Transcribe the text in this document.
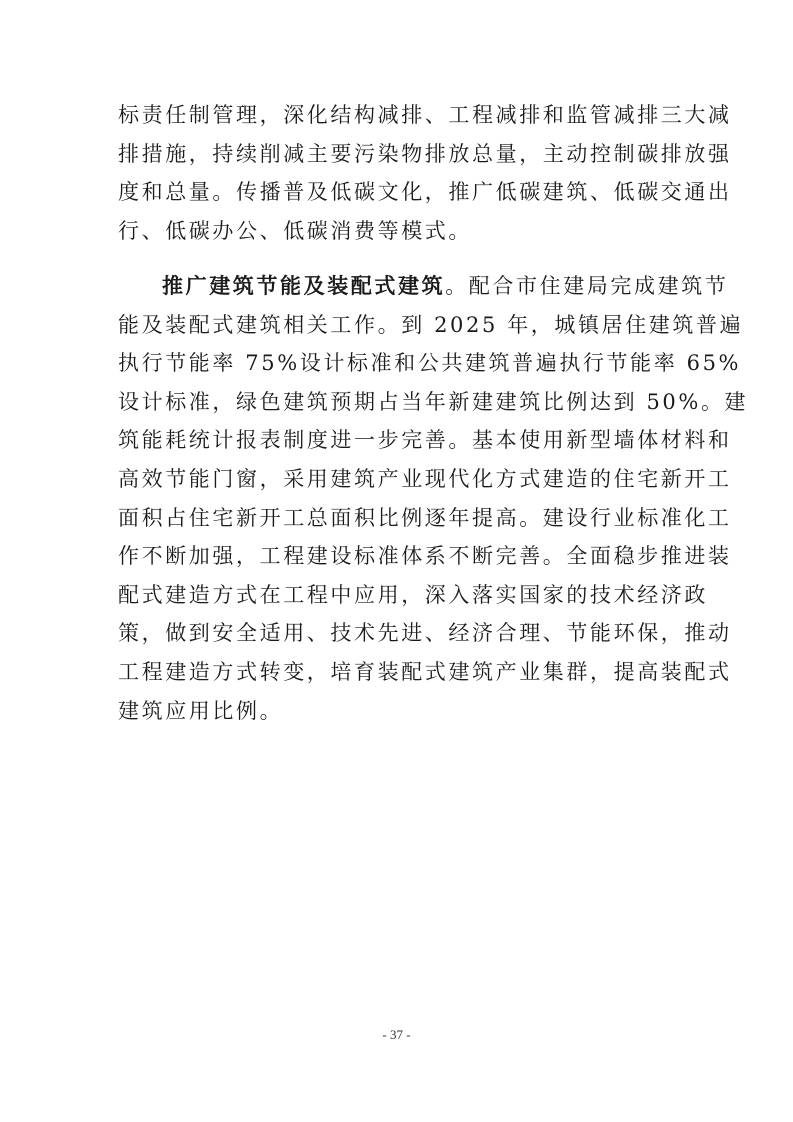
标责任制管理，深化结构减排、工程减排和监管减排三大减
排措施，持续削减主要污染物排放总量，主动控制碳排放强
度和总量。传播普及低碳文化，推广低碳建筑、低碳交通出
行、低碳办公、低碳消费等模式。
推广建筑节能及装配式建筑。配合市住建局完成建筑节
能及装配式建筑相关工作。到 2025 年，城镇居住建筑普遍
执行节能率 75%设计标准和公共建筑普遍执行节能率 65%
设计标准，绿色建筑预期占当年新建建筑比例达到 50%。建
筑能耗统计报表制度进一步完善。基本使用新型墙体材料和
高效节能门窗，采用建筑产业现代化方式建造的住宅新开工
面积占住宅新开工总面积比例逐年提高。建设行业标准化工
作不断加强，工程建设标准体系不断完善。全面稳步推进装
配式建造方式在工程中应用，深入落实国家的技术经济政
策，做到安全适用、技术先进、经济合理、节能环保，推动
工程建造方式转变，培育装配式建筑产业集群，提高装配式
建筑应用比例。
- 37 -
